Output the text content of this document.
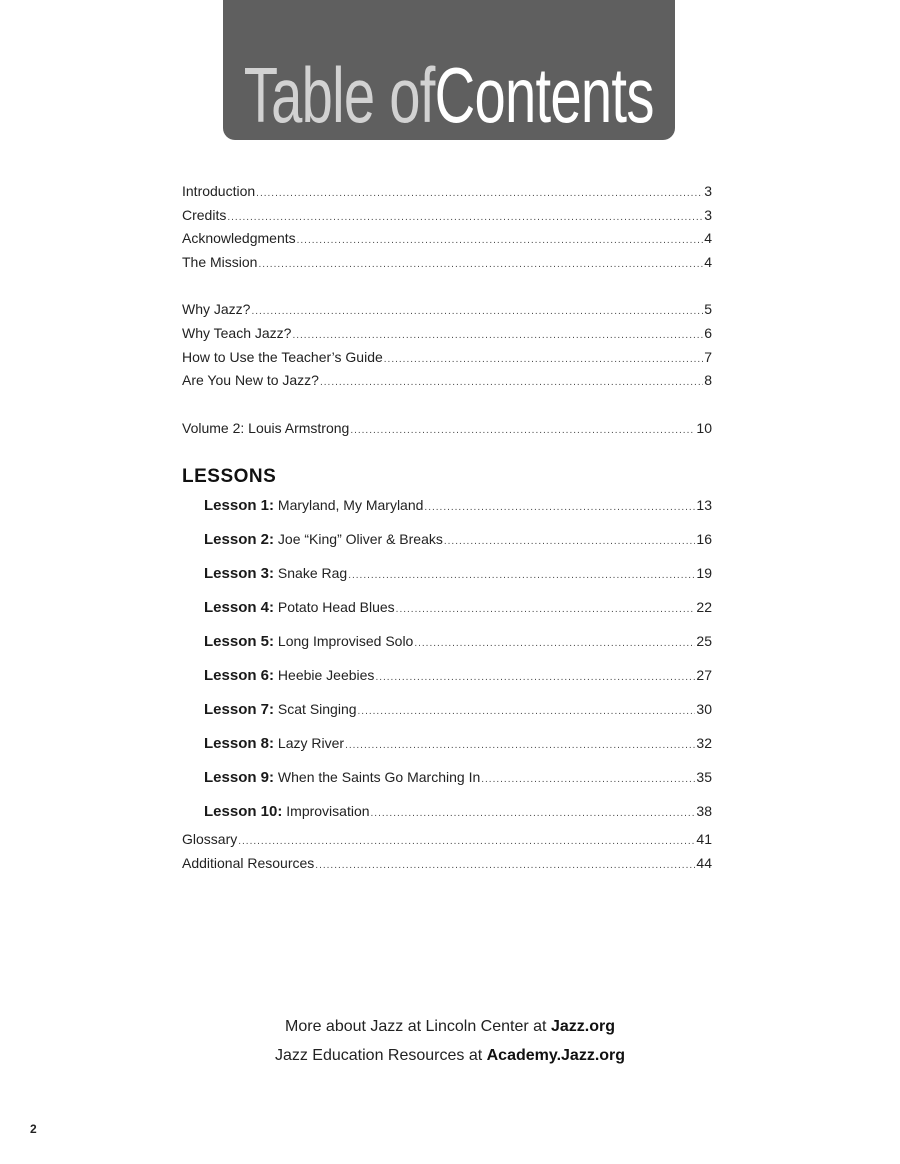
Table ofContents
Introduction .....	3
Credits .....	3
Acknowledgments .....	4
The Mission .....	4
Why Jazz? .....	5
Why Teach Jazz? .....	6
How to Use the Teacher’s Guide .....	7
Are You New to Jazz? .....	8
Volume 2: Louis Armstrong .....	10
LESSONS
Lesson 1: Maryland, My Maryland .....	13
Lesson 2: Joe “King” Oliver & Breaks .....	16
Lesson 3: Snake Rag .....	19
Lesson 4: Potato Head Blues .....	22
Lesson 5: Long Improvised Solo .....	25
Lesson 6: Heebie Jeebies .....	27
Lesson 7: Scat Singing .....	30
Lesson 8: Lazy River .....	32
Lesson 9: When the Saints Go Marching In .....	35
Lesson 10: Improvisation .....	38
Glossary .....	41
Additional Resources .....	44
More about Jazz at Lincoln Center at Jazz.org
Jazz Education Resources at Academy.Jazz.org
2
